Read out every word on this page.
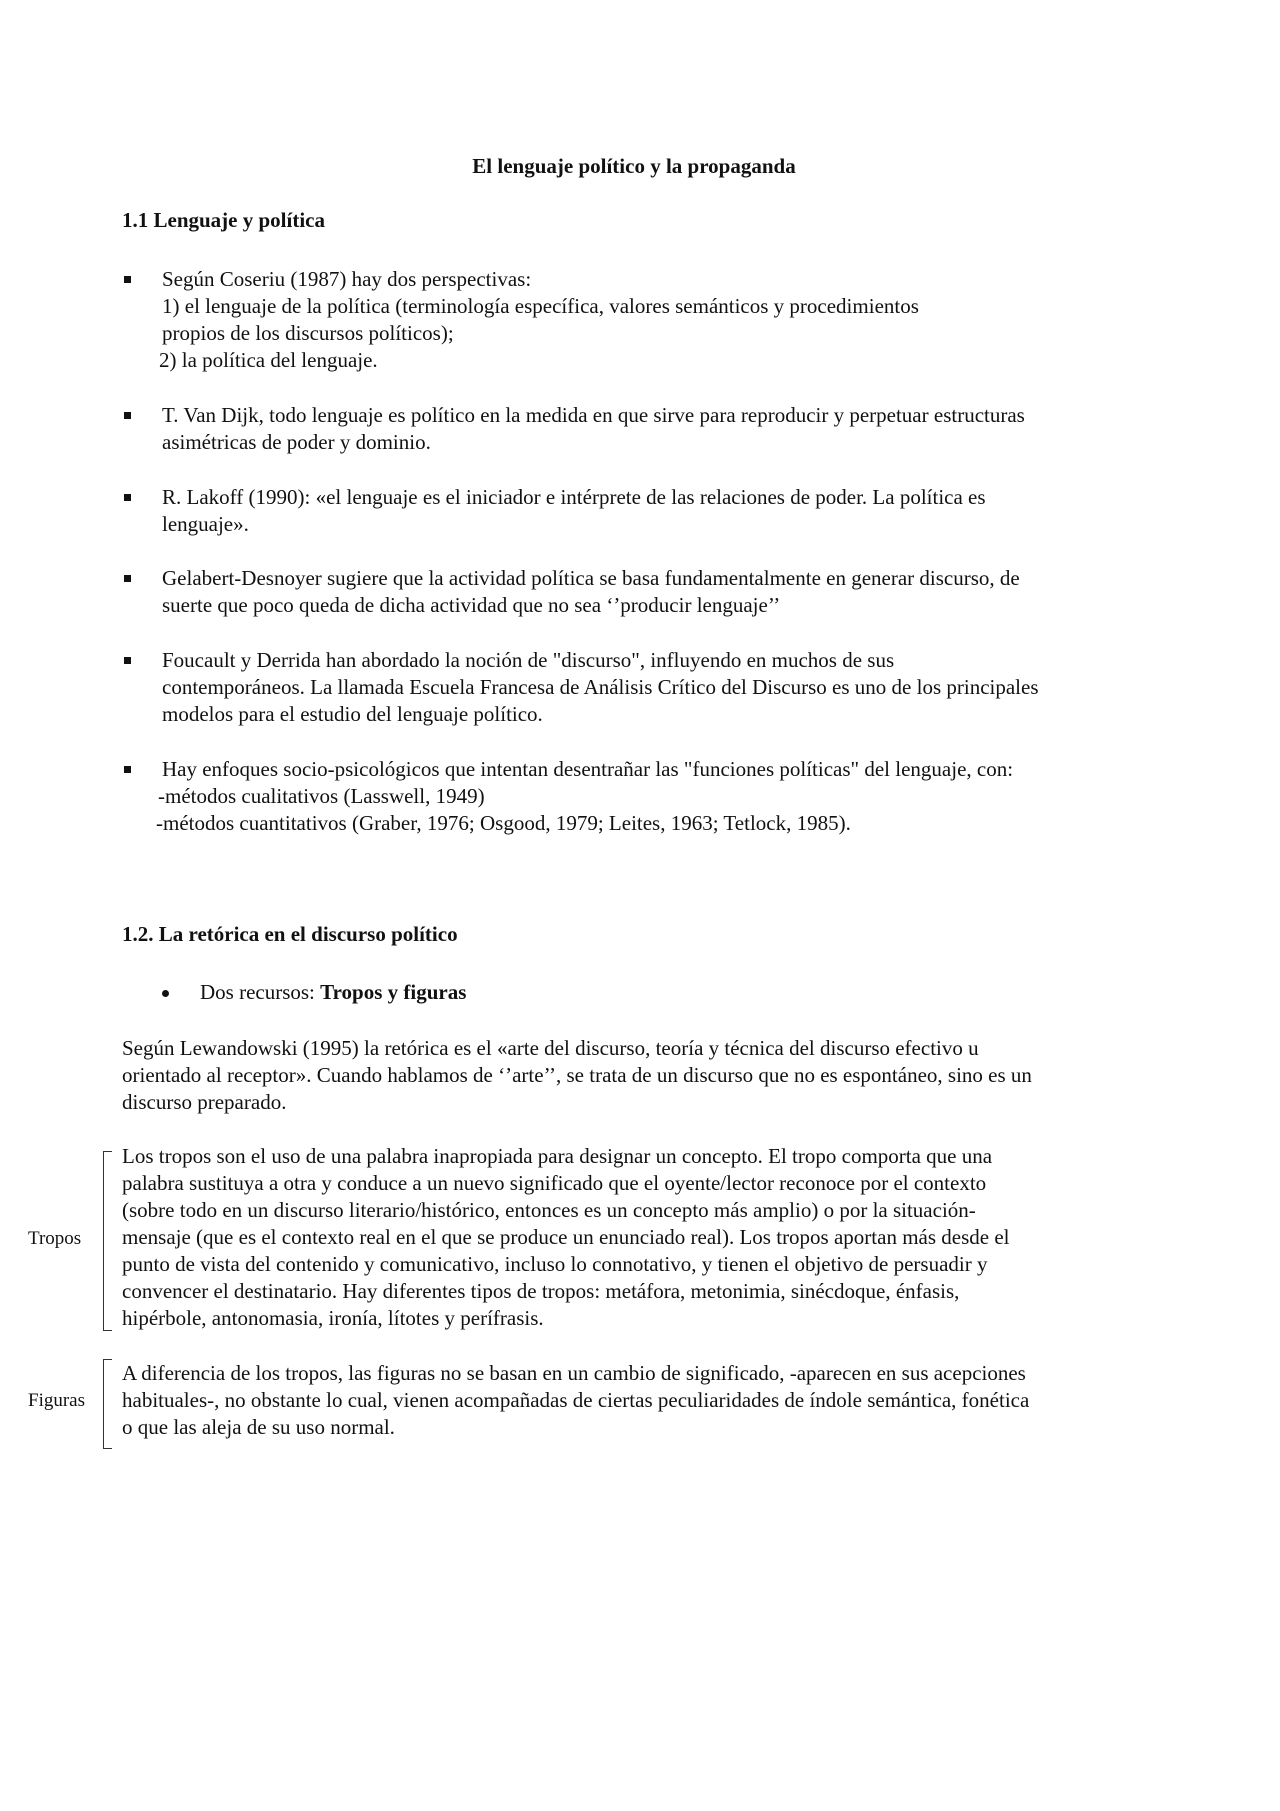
El lenguaje político y la propaganda
1.1 Lenguaje y política
Según Coseriu (1987) hay dos perspectivas:
1) el lenguaje de la política (terminología específica, valores semánticos y procedimientos
propios de los discursos políticos);
2) la política del lenguaje.
T. Van Dijk, todo lenguaje es político en la medida en que sirve para reproducir y perpetuar estructuras
asimétricas de poder y dominio.
R. Lakoff (1990): «el lenguaje es el iniciador e intérprete de las relaciones de poder. La política es
lenguaje».
Gelabert-Desnoyer sugiere que la actividad política se basa fundamentalmente en generar discurso, de
suerte que poco queda de dicha actividad que no sea ‘’producir lenguaje’’
Foucault y Derrida han abordado la noción de "discurso", influyendo en muchos de sus
contemporáneos. La llamada Escuela Francesa de Análisis Crítico del Discurso es uno de los principales
modelos para el estudio del lenguaje político.
Hay enfoques socio-psicológicos que intentan desentrañar las "funciones políticas" del lenguaje, con:
-métodos cualitativos (Lasswell, 1949)
-métodos cuantitativos (Graber, 1976; Osgood, 1979; Leites, 1963; Tetlock, 1985).
1.2. La retórica en el discurso político
Dos recursos: Tropos y figuras
Según Lewandowski (1995) la retórica es el «arte del discurso, teoría y técnica del discurso efectivo u
orientado al receptor». Cuando hablamos de ‘’arte’’, se trata de un discurso que no es espontáneo, sino es un
discurso preparado.
Tropos
Los tropos son el uso de una palabra inapropiada para designar un concepto. El tropo comporta que una
palabra sustituya a otra y conduce a un nuevo significado que el oyente/lector reconoce por el contexto
(sobre todo en un discurso literario/histórico, entonces es un concepto más amplio) o por la situación-
mensaje (que es el contexto real en el que se produce un enunciado real). Los tropos aportan más desde el
punto de vista del contenido y comunicativo, incluso lo connotativo, y tienen el objetivo de persuadir y
convencer el destinatario. Hay diferentes tipos de tropos: metáfora, metonimia, sinécdoque, énfasis,
hipérbole, antonomasia, ironía, lítotes y perífrasis.
Figuras
A diferencia de los tropos, las figuras no se basan en un cambio de significado, -aparecen en sus acepciones
habituales-, no obstante lo cual, vienen acompañadas de ciertas peculiaridades de índole semántica, fonética
o que las aleja de su uso normal.
